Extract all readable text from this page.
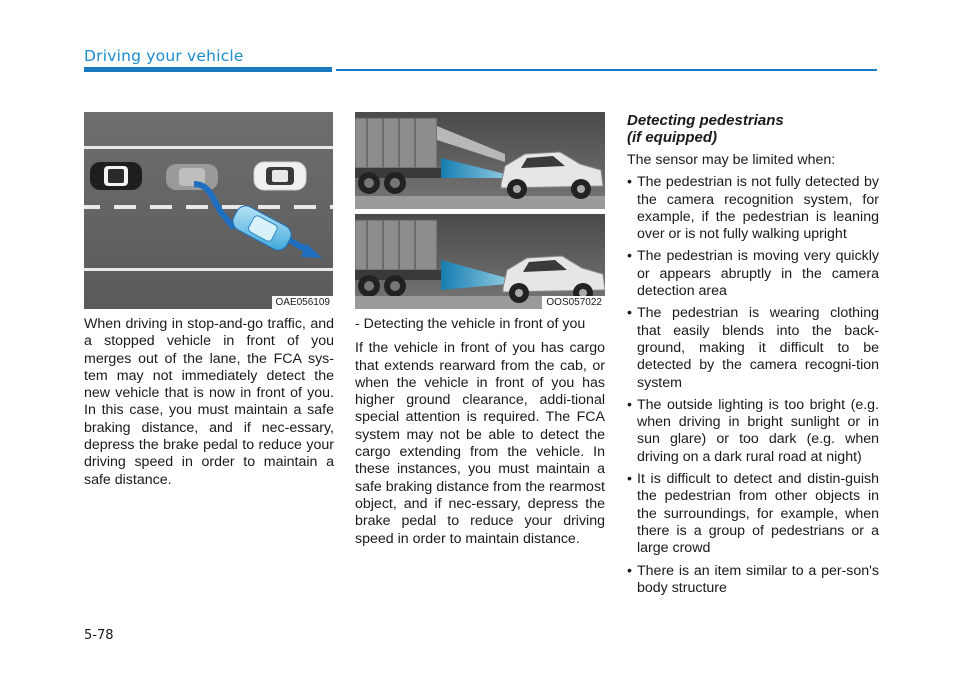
Driving your vehicle
OAE056109	OOS057022

When driving in stop-and-go traffic, and a stopped vehicle in front of you merges out of the lane, the FCA sys-tem may not immediately detect the new vehicle that is now in front of you. In this case, you must maintain a safe braking distance, and if nec-essary, depress the brake pedal to reduce your driving speed in order to maintain a safe distance.

- Detecting the vehicle in front of you

If the vehicle in front of you has cargo that extends rearward from the cab, or when the vehicle in front of you has higher ground clearance, addi-tional special attention is required. The FCA system may not be able to detect the cargo extending from the vehicle. In these instances, you must maintain a safe braking distance from the rearmost object, and if nec-essary, depress the brake pedal to reduce your driving speed in order to maintain distance.

Detecting pedestrians
(if equipped)

The sensor may be limited when:

• The pedestrian is not fully detected by the camera recognition system, for example, if the pedestrian is leaning over or is not fully walking upright
• The pedestrian is moving very quickly or appears abruptly in the camera detection area
• The pedestrian is wearing clothing that easily blends into the back-ground, making it difficult to be detected by the camera recogni-tion system
• The outside lighting is too bright (e.g. when driving in bright sunlight or in sun glare) or too dark (e.g. when driving on a dark rural road at night)
• It is difficult to detect and distin-guish the pedestrian from other objects in the surroundings, for example, when there is a group of pedestrians or a large crowd
• There is an item similar to a per-son's body structure
5-78
